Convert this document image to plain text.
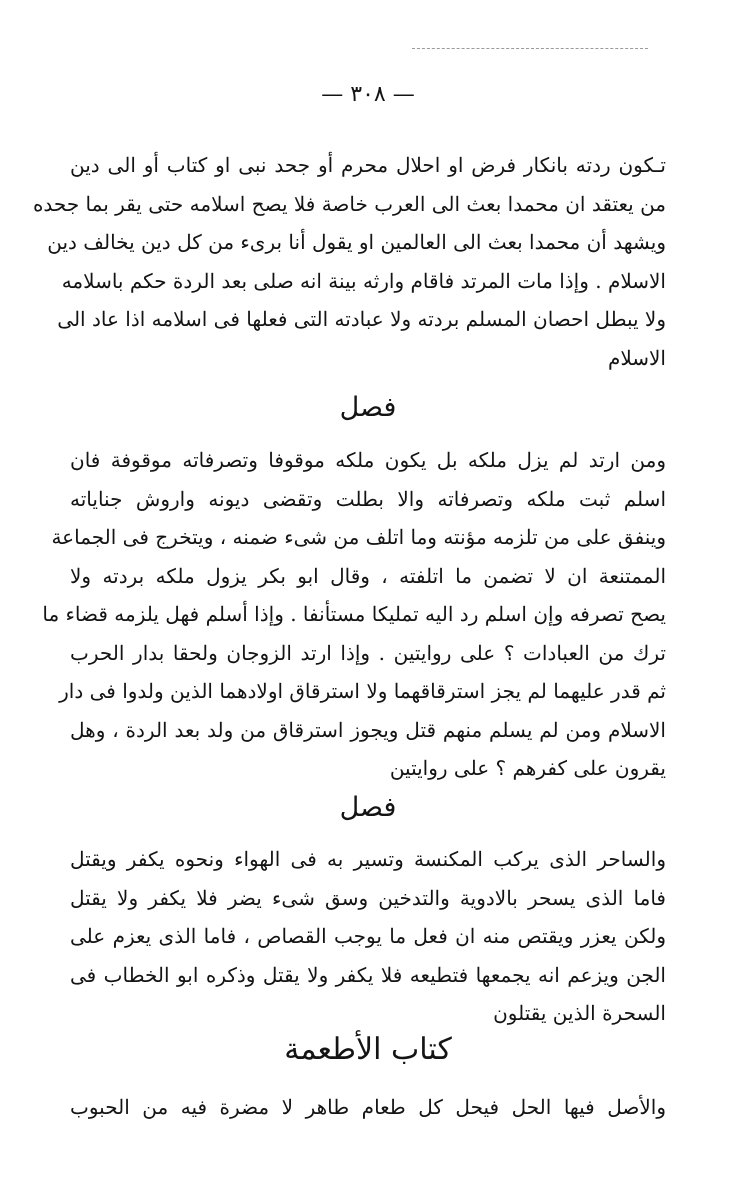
— ٣٠٨ —
تـكون ردته بانكار فرض او احلال محرم أو جحد نبى او كتاب أو الى دين
من يعتقد ان محمدا بعث الى العرب خاصة فلا يصح اسلامه حتى يقر بما جحده
ويشهد أن محمدا بعث الى العالمين او يقول أنا برىء من كل دين يخالف دين
الاسلام . وإذا مات المرتد فاقام وارثه بينة انه صلى بعد الردة حكم باسلامه
ولا يبطل احصان المسلم بردته ولا عبادته التى فعلها فى اسلامه اذا عاد الى
الاسلام
فصل
ومن ارتد لم يزل ملكه بل يكون ملكه موقوفا وتصرفاته موقوفة فان
اسلم ثبت ملكه وتصرفاته والا بطلت وتقضى ديونه واروش جناياته
وينفق على من تلزمه مؤنته وما اتلف من شىء ضمنه ، ويتخرج فى الجماعة
الممتنعة ان لا تضمن ما اتلفته ، وقال ابو بكر يزول ملكه بردته ولا
يصح تصرفه وإن اسلم رد اليه تمليكا مستأنفا . وإذا أسلم فهل يلزمه قضاء ما
ترك من العبادات ؟ على روايتين . وإذا ارتد الزوجان ولحقا بدار الحرب
ثم قدر عليهما لم يجز استرقاقهما ولا استرقاق اولادهما الذين ولدوا فى دار
الاسلام ومن لم يسلم منهم قتل ويجوز استرقاق من ولد بعد الردة ، وهل
يقرون على كفرهم ؟ على روايتين
فصل
والساحر الذى يركب المكنسة وتسير به فى الهواء ونحوه يكفر ويقتل
فاما الذى يسحر بالادوية والتدخين وسق شىء يضر فلا يكفر ولا يقتل
ولكن يعزر ويقتص منه ان فعل ما يوجب القصاص ، فاما الذى يعزم على
الجن ويزعم انه يجمعها فتطيعه فلا يكفر ولا يقتل وذكره ابو الخطاب فى
السحرة الذين يقتلون
كتاب الأطعمة
والأصل فيها الحل فيحل كل طعام طاهر لا مضرة فيه من الحبوب
